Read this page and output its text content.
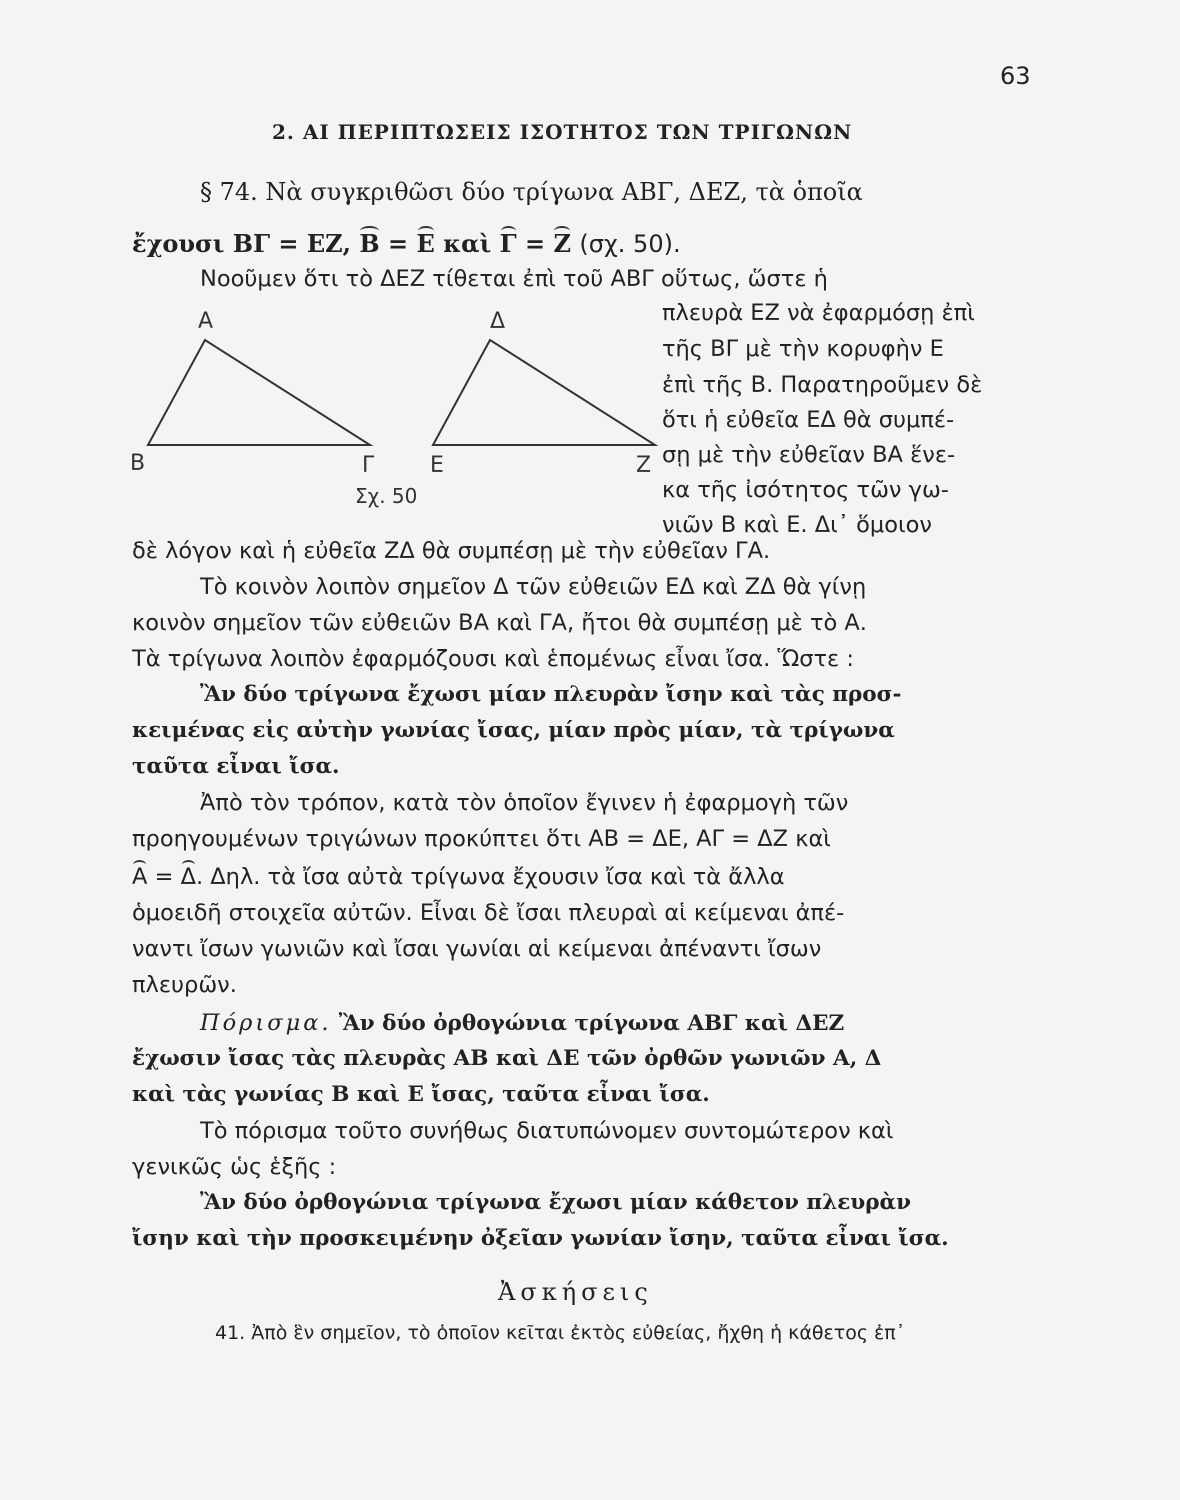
63
2. ΑΙ ΠΕΡΙΠΤΩΣΕΙΣ ΙΣΟΤΗΤΟΣ ΤΩΝ ΤΡΙΓΩΝΩΝ
§ 74. Νὰ συγκριθῶσι δύο τρίγωνα ΑΒΓ, ΔΕΖ, τὰ ὁποῖα
ἔχουσι ΒΓ = ΕΖ, Β = Ε καὶ Γ = Ζ (σχ. 50).
Νοοῦμεν ὅτι τὸ ΔΕΖ τίθεται ἐπὶ τοῦ ΑΒΓ οὕτως, ὥστε ἡ
πλευρὰ ΕΖ νὰ ἐφαρμόσῃ ἐπὶ
τῆς ΒΓ μὲ τὴν κορυφὴν Ε
ἐπὶ τῆς Β. Παρατηροῦμεν δὲ
ὅτι ἡ εὐθεῖα ΕΔ θὰ συμπέ-
σῃ μὲ τὴν εὐθεῖαν ΒΑ ἕνε-
κα τῆς ἰσότητος τῶν γω-
νιῶν Β καὶ Ε. Δι᾽ ὅμοιον
Α
Β	Γ
Δ
Ε	Ζ
Σχ. 50
δὲ λόγον καὶ ἡ εὐθεῖα ΖΔ θὰ συμπέσῃ μὲ τὴν εὐθεῖαν ΓΑ.
Τὸ κοινὸν λοιπὸν σημεῖον Δ τῶν εὐθειῶν ΕΔ καὶ ΖΔ θὰ γίνῃ
κοινὸν σημεῖον τῶν εὐθειῶν ΒΑ καὶ ΓΑ, ἤτοι θὰ συμπέσῃ μὲ τὸ Α.
Τὰ τρίγωνα λοιπὸν ἐφαρμόζουσι καὶ ἑπομένως εἶναι ἴσα. Ὥστε :
Ἂν δύο τρίγωνα ἔχωσι μίαν πλευρὰν ἴσην καὶ τὰς προσ-
κειμένας εἰς αὐτὴν γωνίας ἴσας, μίαν πρὸς μίαν, τὰ τρίγωνα
ταῦτα εἶναι ἴσα.
Ἀπὸ τὸν τρόπον, κατὰ τὸν ὁποῖον ἔγινεν ἡ ἐφαρμογὴ τῶν
προηγουμένων τριγώνων προκύπτει ὅτι ΑΒ = ΔΕ, ΑΓ = ΔΖ καὶ
Α = Δ. Δηλ. τὰ ἴσα αὐτὰ τρίγωνα ἔχουσιν ἴσα καὶ τὰ ἄλλα
ὁμοειδῆ στοιχεῖα αὐτῶν. Εἶναι δὲ ἴσαι πλευραὶ αἱ κείμεναι ἀπέ-
ναντι ἴσων γωνιῶν καὶ ἴσαι γωνίαι αἱ κείμεναι ἀπέναντι ἴσων
πλευρῶν.
Πόρισμα. Ἂν δύο ὀρθογώνια τρίγωνα ΑΒΓ καὶ ΔΕΖ
ἔχωσιν ἴσας τὰς πλευρὰς ΑΒ καὶ ΔΕ τῶν ὀρθῶν γωνιῶν Α, Δ
καὶ τὰς γωνίας Β καὶ Ε ἴσας, ταῦτα εἶναι ἴσα.
Τὸ πόρισμα τοῦτο συνήθως διατυπώνομεν συντομώτερον καὶ
γενικῶς ὡς ἑξῆς :
Ἂν δύο ὀρθογώνια τρίγωνα ἔχωσι μίαν κάθετον πλευρὰν
ἴσην καὶ τὴν προσκειμένην ὀξεῖαν γωνίαν ἴσην, ταῦτα εἶναι ἴσα.
Ἀσκήσεις
41. Ἀπὸ ἓν σημεῖον, τὸ ὁποῖον κεῖται ἐκτὸς εὐθείας, ἤχθη ἡ κάθετος ἐπ᾽
